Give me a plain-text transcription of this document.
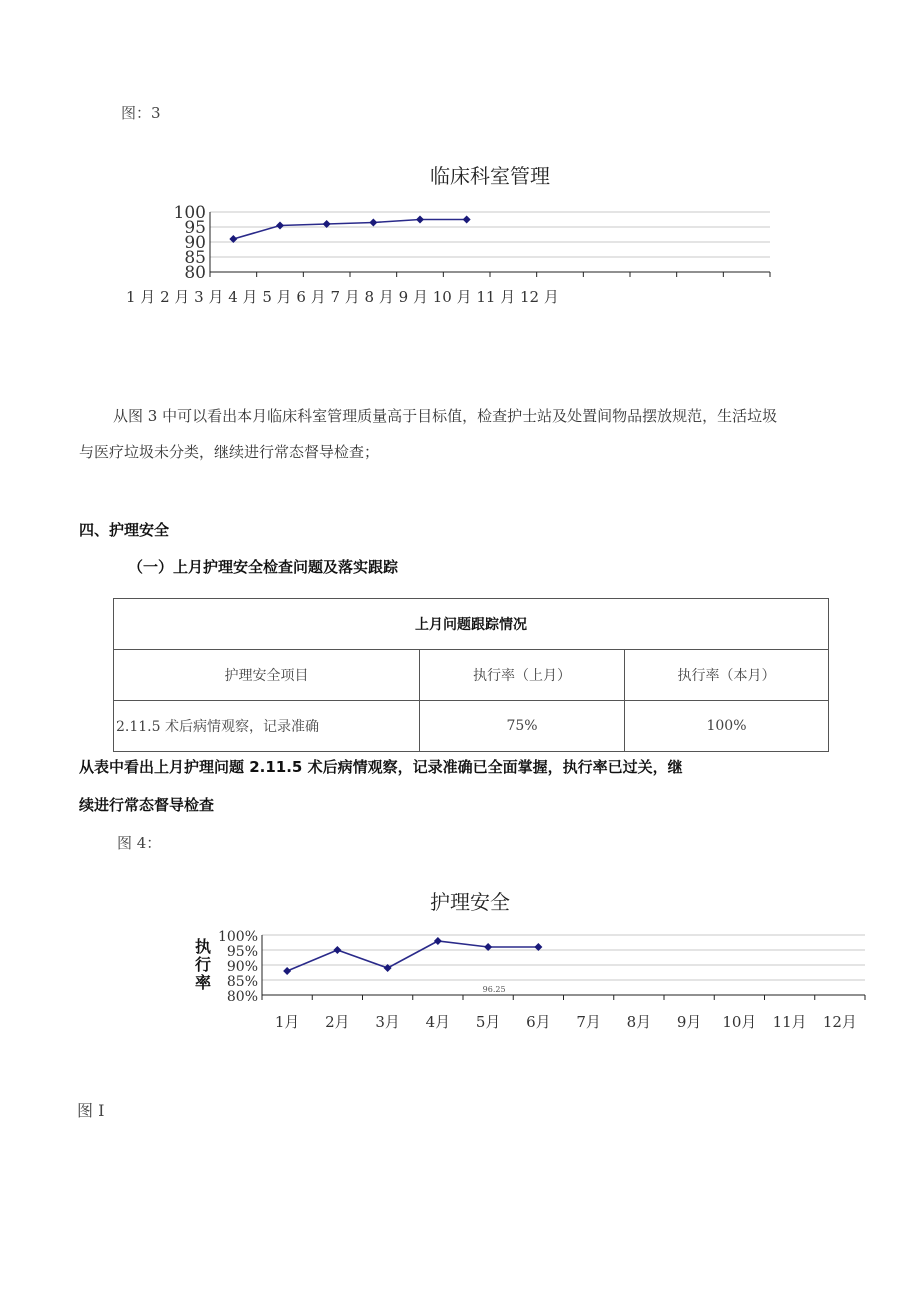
图：3
临床科室管理
100
95
90
85
80
1 月 2 月 3 月 4 月 5 月 6 月 7 月 8 月 9 月 10 月 11 月 12 月
从图 3 中可以看出本月临床科室管理质量高于目标值，检查护士站及处置间物品摆放规范，生活垃圾
与医疗垃圾未分类，继续进行常态督导检查；
四、护理安全
（一）上月护理安全检查问题及落实跟踪
上月问题跟踪情况		
护理安全项目	执行率（上月）	执行率（本月）
2.11.5 术后病情观察，记录准确	75%	100%
从表中看出上月护理问题 2.11.5 术后病情观察，记录准确已全面掌握，执行率已过关，继
续进行常态督导检查
图 4：
护理安全
100%
95%
90%
85%
80%
1月 2月 3月 4月 5月 6月 7月 8月 9月 10月 11月 12月
执行率	96.25
图 I
